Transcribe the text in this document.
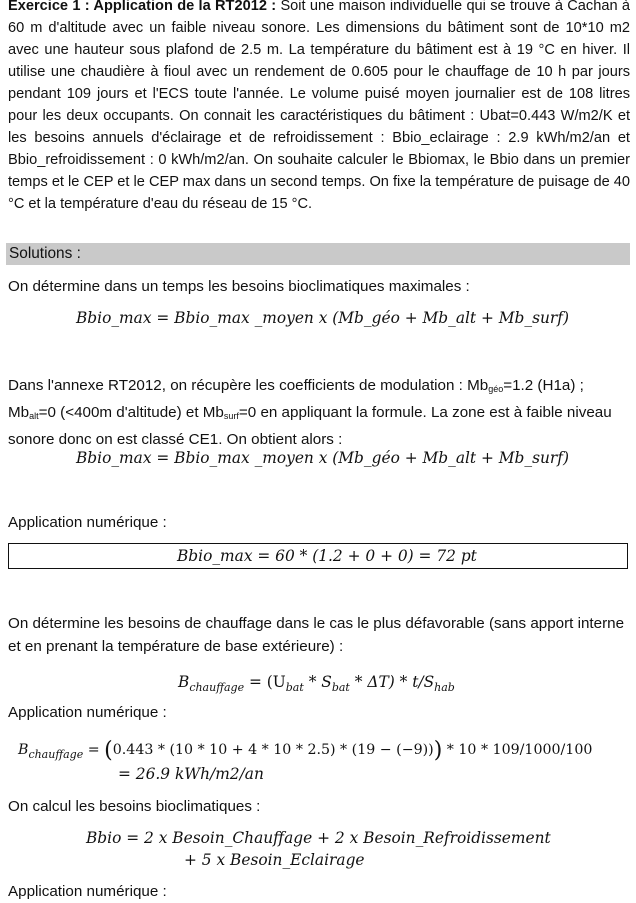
Exercice 1 : Application de la RT2012 : Soit une maison individuelle qui se trouve à Cachan à 60 m d'altitude avec un faible niveau sonore. Les dimensions du bâtiment sont de 10*10 m2 avec une hauteur sous plafond de 2.5 m. La température du bâtiment est à 19 °C en hiver. Il utilise une chaudière à fioul avec un rendement de 0.605 pour le chauffage de 10 h par jours pendant 109 jours et l'ECS toute l'année. Le volume puisé moyen journalier est de 108 litres pour les deux occupants. On connait les caractéristiques du bâtiment : Ubat=0.443 W/m2/K et les besoins annuels d'éclairage et de refroidissement : Bbio_eclairage : 2.9 kWh/m2/an et Bbio_refroidissement : 0 kWh/m2/an. On souhaite calculer le Bbiomax, le Bbio dans un premier temps et le CEP et le CEP max dans un second temps. On fixe la température de puisage de 40 °C et la température d'eau du réseau de 15 °C.

Solutions :
On détermine dans un temps les besoins bioclimatiques maximales :
Bbio_max = Bbio_max _moyen x (Mb_géo + Mb_alt + Mb_surf)
Dans l'annexe RT2012, on récupère les coefficients de modulation : $Mb_{géo}=1.2$ (H1a) ;
$Mb_{alt}=0$ (<400m d'altitude) et $Mb_{surf}=0$ en appliquant la formule. La zone est à faible niveau sonore donc on est classé CE1. On obtient alors :
Bbio_max = Bbio_max _moyen x (Mb_géo + Mb_alt + Mb_surf)
Application numérique :
Bbio_max = 60 * (1.2 + 0 + 0) = 72 pt
On détermine les besoins de chauffage dans le cas le plus défavorable (sans apport interne et en prenant la température de base extérieure) :
$B_{chauffage} = (U_{bat} * S_{bat} * \Delta T) * t/S_{hab}$
Application numérique :
$B_{chauffage} = (0.443 * (10 * 10 + 4 * 10 * 2.5) * (19 - (-9))) * 10 * 109/1000/100$
= 26.9 kWh/m2/an
On calcul les besoins bioclimatiques :
Bbio = 2 x Besoin_Chauffage + 2 x Besoin_Refroidissement
+ 5 x Besoin_Eclairage
Application numérique :
